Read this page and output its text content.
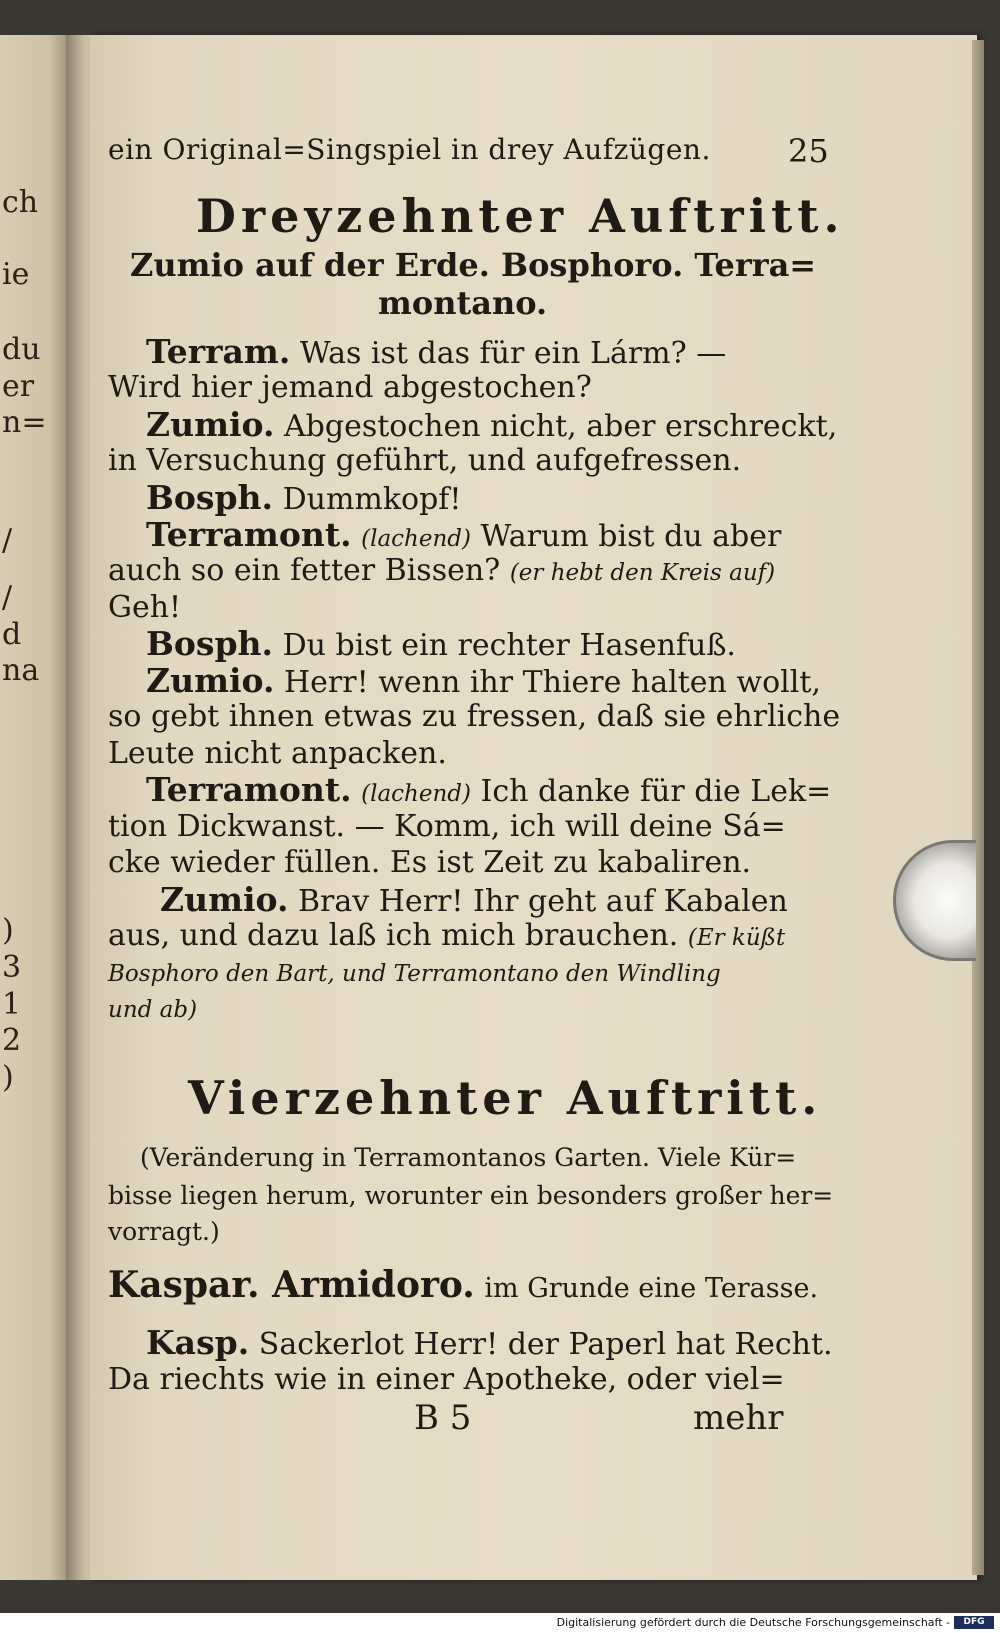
ch
ie
du
er
n=
/
/
d
na
)
3
1
2
)
ein Original=Singspiel in drey Aufzügen. 25
Dreyzehnter Auftritt.
Zumio auf der Erde. Bosphoro. Terra=
montano.
Terram. Was ist das für ein Lárm? —
Wird hier jemand abgestochen?
Zumio. Abgestochen nicht, aber erschreckt,
in Versuchung geführt, und aufgefressen.
Bosph. Dummkopf!
Terramont. (lachend) Warum bist du aber
auch so ein fetter Bissen? (er hebt den Kreis auf)
Geh!
Bosph. Du bist ein rechter Hasenfuß.
Zumio. Herr! wenn ihr Thiere halten wollt,
so gebt ihnen etwas zu fressen, daß sie ehrliche
Leute nicht anpacken.
Terramont. (lachend) Ich danke für die Lek=
tion Dickwanst. — Komm, ich will deine Sá=
cke wieder füllen. Es ist Zeit zu kabaliren.
Zumio. Brav Herr! Ihr geht auf Kabalen
aus, und dazu laß ich mich brauchen. (Er küßt
Bosphoro den Bart, und Terramontano den Windling
und ab)
Vierzehnter Auftritt.
(Veränderung in Terramontanos Garten. Viele Kür=
bisse liegen herum, worunter ein besonders großer her=
vorragt.)
Kaspar. Armidoro. im Grunde eine Terasse.
Kasp. Sackerlot Herr! der Paperl hat Recht.
Da riechts wie in einer Apotheke, oder viel=
B 5	mehr
Digitalisierung gefördert durch die Deutsche Forschungsgemeinschaft -	DFG
